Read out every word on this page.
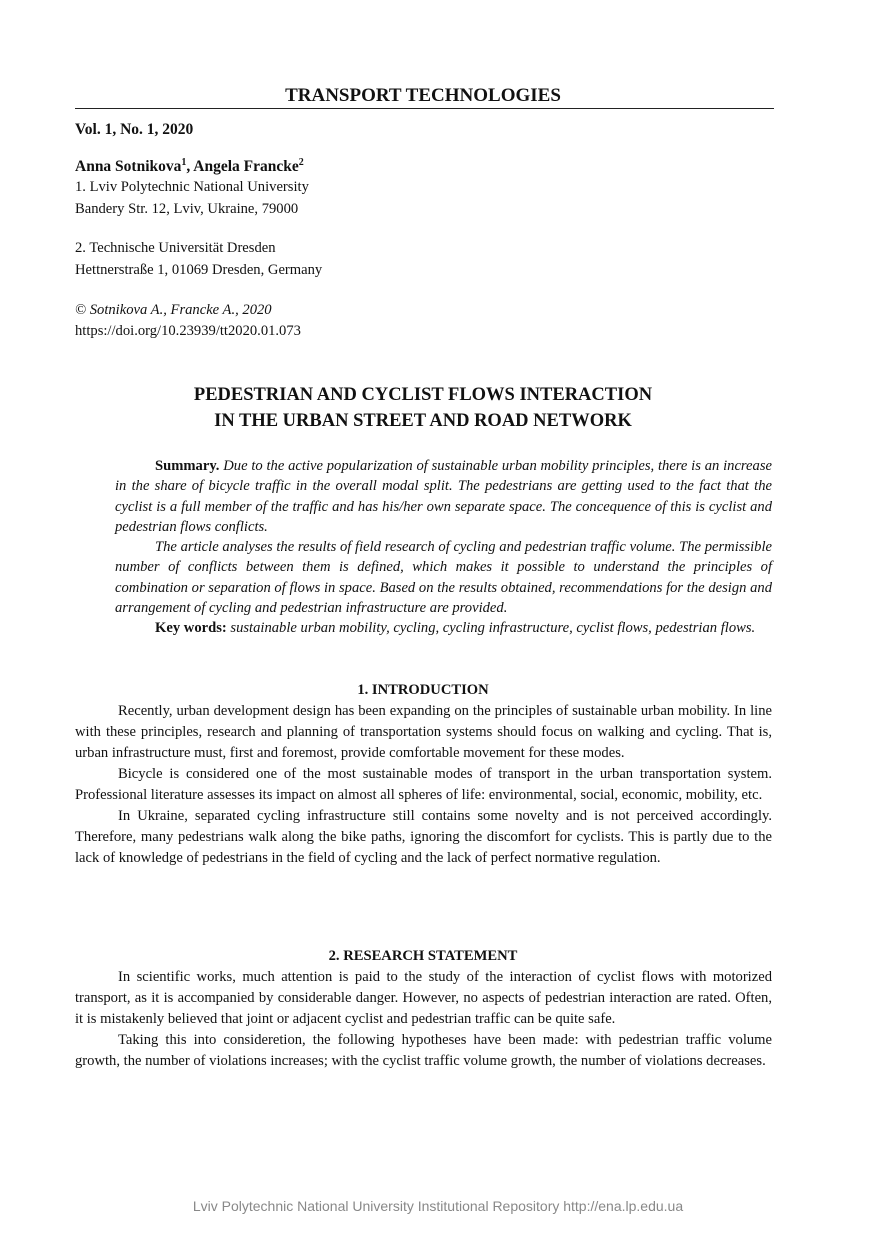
TRANSPORT TECHNOLOGIES
Vol. 1, No. 1, 2020
Anna Sotnikova$^1$, Angela Francke$^2$
1. Lviv Polytechnic National University
Bandery Str. 12, Lviv, Ukraine, 79000
2. Technische Universität Dresden
Hettnerstraße 1, 01069 Dresden, Germany
© Sotnikova A., Francke A., 2020
https://doi.org/10.23939/tt2020.01.073
PEDESTRIAN AND CYCLIST FLOWS INTERACTION
IN THE URBAN STREET AND ROAD NETWORK

Summary. Due to the active popularization of sustainable urban mobility principles, there is an increase in the share of bicycle traffic in the overall modal split. The pedestrians are getting used to the fact that the cyclist is a full member of the traffic and has his/her own separate space. The concequence of this is cyclist and pedestrian flows conflicts.

The article analyses the results of field research of cycling and pedestrian traffic volume. The permissible number of conflicts between them is defined, which makes it possible to understand the principles of combination or separation of flows in space. Based on the results obtained, recommendations for the design and arrangement of cycling and pedestrian infrastructure are provided.

Key words: sustainable urban mobility, cycling, cycling infrastructure, cyclist flows, pedestrian flows.

1. INTRODUCTION

Recently, urban development design has been expanding on the principles of sustainable urban mobility. In line with these principles, research and planning of transportation systems should focus on walking and cycling. That is, urban infrastructure must, first and foremost, provide comfortable movement for these modes.

Bicycle is considered one of the most sustainable modes of transport in the urban transportation system. Professional literature assesses its impact on almost all spheres of life: environmental, social, economic, mobility, etc.

In Ukraine, separated cycling infrastructure still contains some novelty and is not perceived accordingly. Therefore, many pedestrians walk along the bike paths, ignoring the discomfort for cyclists. This is partly due to the lack of knowledge of pedestrians in the field of cycling and the lack of perfect normative regulation.

2. RESEARCH STATEMENT

In scientific works, much attention is paid to the study of the interaction of cyclist flows with motorized transport, as it is accompanied by considerable danger. However, no aspects of pedestrian interaction are rated. Often, it is mistakenly believed that joint or adjacent cyclist and pedestrian traffic can be quite safe.

Taking this into consideretion, the following hypotheses have been made: with pedestrian traffic volume growth, the number of violations increases; with the cyclist traffic volume growth, the number of violations decreases.

Lviv Polytechnic National University Institutional Repository http://ena.lp.edu.ua
